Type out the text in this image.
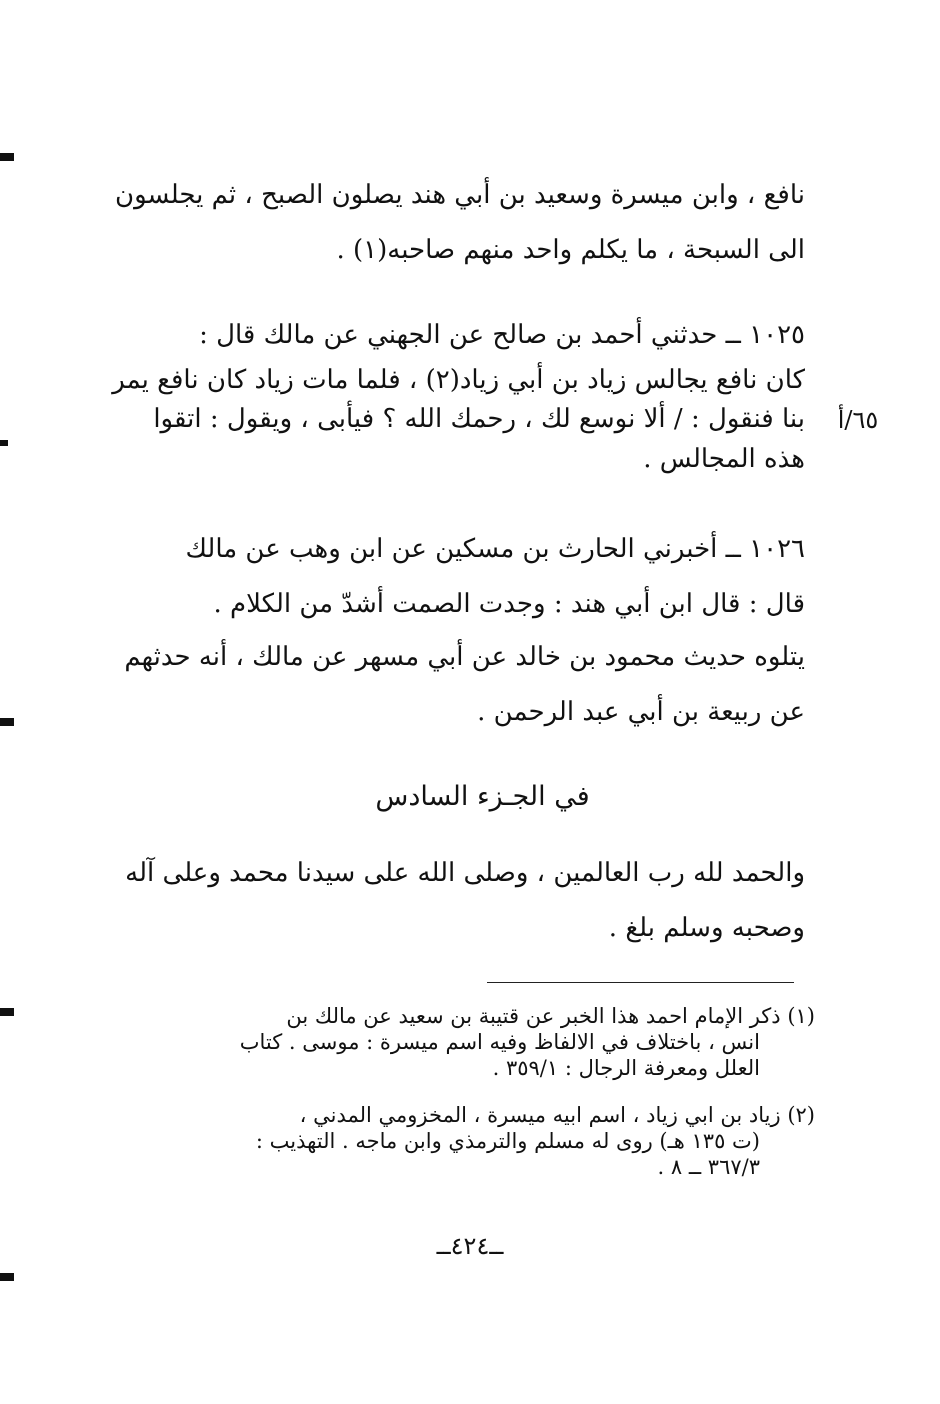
نافع ، وابن ميسرة وسعيد بن أبي هند يصلون الصبح ، ثم يجلسون
الى السبحة ، ما يكلم واحد منهم صاحبه(١) .
١٠٢٥ ــ حدثني أحمد بن صالح عن الجهني عن مالك قال :
كان نافع يجالس زياد بن أبي زياد(٢) ، فلما مات زياد كان نافع يمر
بنا فنقول : / ألا نوسع لك ، رحمك الله ؟ فيأبى ، ويقول : اتقوا
هذه المجالس .
٦٥/أ
١٠٢٦ ــ أخبرني الحارث بن مسكين عن ابن وهب عن مالك
قال : قال ابن أبي هند : وجدت الصمت أشدّ من الكلام .
يتلوه حديث محمود بن خالد عن أبي مسهر عن مالك ، أنه حدثهم
عن ربيعة بن أبي عبد الرحمن .
في الجـزء السادس
والحمد لله رب العالمين ، وصلى الله على سيدنا محمد وعلى آله
وصحبه وسلم بلغ .
(١) ذكر الإمام احمد هذا الخبر عن قتيبة بن سعيد عن مالك بن
انس ، باختلاف في الالفاظ وفيه اسم ميسرة : موسى . كتاب
العلل ومعرفة الرجال : ٣٥٩/١ .
(٢) زياد بن ابي زياد ، اسم ابيه ميسرة ، المخزومي المدني ،
(ت ١٣٥ هـ) روى له مسلم والترمذي وابن ماجه . التهذيب :
٣٦٧/٣ ــ ٨ .
ــ٤٢٤ــ
